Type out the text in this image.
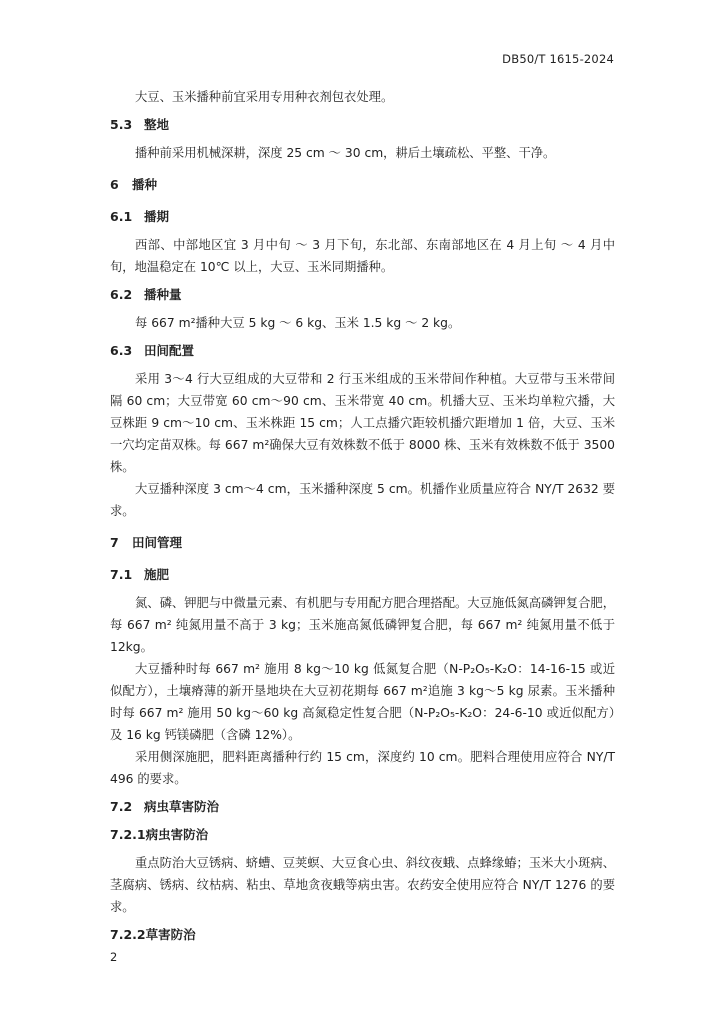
DB50/T 1615-2024

大豆、玉米播种前宜采用专用种衣剂包衣处理。

5.3 整地

播种前采用机械深耕，深度 25 cm ～ 30 cm，耕后土壤疏松、平整、干净。

6 播种

6.1 播期

西部、中部地区宜 3 月中旬 ～ 3 月下旬，东北部、东南部地区在 4 月上旬 ～ 4 月中旬，地温稳定在 10℃ 以上，大豆、玉米同期播种。

6.2 播种量

每 667 m²播种大豆 5 kg ～ 6 kg、玉米 1.5 kg ～ 2 kg。

6.3 田间配置

采用 3～4 行大豆组成的大豆带和 2 行玉米组成的玉米带间作种植。大豆带与玉米带间隔 60 cm；大豆带宽 60 cm～90 cm、玉米带宽 40 cm。机播大豆、玉米均单粒穴播，大豆株距 9 cm～10 cm、玉米株距 15 cm；人工点播穴距较机播穴距增加 1 倍，大豆、玉米一穴均定苗双株。每 667 m²确保大豆有效株数不低于 8000 株、玉米有效株数不低于 3500 株。

大豆播种深度 3 cm～4 cm，玉米播种深度 5 cm。机播作业质量应符合 NY/T 2632 要求。

7 田间管理

7.1 施肥

氮、磷、钾肥与中微量元素、有机肥与专用配方肥合理搭配。大豆施低氮高磷钾复合肥，每 667 m² 纯氮用量不高于 3 kg；玉米施高氮低磷钾复合肥，每 667 m² 纯氮用量不低于 12kg。

大豆播种时每 667 m² 施用 8 kg～10 kg 低氮复合肥（N-P₂O₅-K₂O：14-16-15 或近似配方），土壤瘠薄的新开垦地块在大豆初花期每 667 m²追施 3 kg～5 kg 尿素。玉米播种时每 667 m² 施用 50 kg～60 kg 高氮稳定性复合肥（N-P₂O₅-K₂O：24-6-10 或近似配方）及 16 kg 钙镁磷肥（含磷 12%）。

采用侧深施肥，肥料距离播种行约 15 cm，深度约 10 cm。肥料合理使用应符合 NY/T 496 的要求。

7.2 病虫草害防治

7.2.1病虫害防治

重点防治大豆锈病、蛴螬、豆荚螟、大豆食心虫、斜纹夜蛾、点蜂缘蝽；玉米大小斑病、茎腐病、锈病、纹枯病、粘虫、草地贪夜蛾等病虫害。农药安全使用应符合 NY/T 1276 的要求。

7.2.2草害防治

2
